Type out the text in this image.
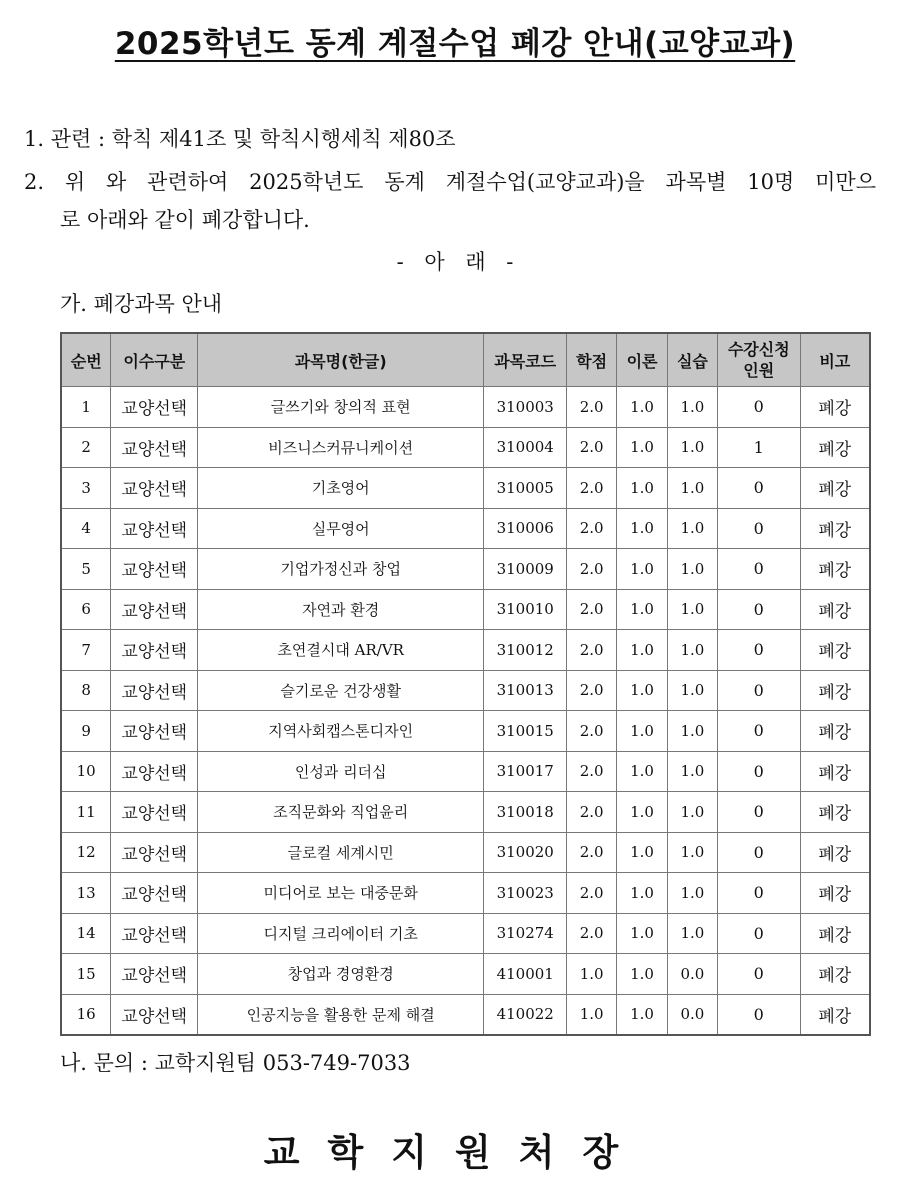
2025학년도 동계 계절수업 폐강 안내(교양교과)
1. 관련 : 학칙 제41조 및 학칙시행세칙 제80조
2. 위 와 관련하여 2025학년도 동계 계절수업(교양교과)을 과목별 10명 미만으
로 아래와 같이 폐강합니다.
- 아 래 -
가. 폐강과목 안내
순번	이수구분	과목명(한글)	과목코드	학점	이론	실습	수강신청
인원	비고
1	교양선택	글쓰기와 창의적 표현	310003	2.0	1.0	1.0	0	폐강
2	교양선택	비즈니스커뮤니케이션	310004	2.0	1.0	1.0	1	폐강
3	교양선택	기초영어	310005	2.0	1.0	1.0	0	폐강
4	교양선택	실무영어	310006	2.0	1.0	1.0	0	폐강
5	교양선택	기업가정신과 창업	310009	2.0	1.0	1.0	0	폐강
6	교양선택	자연과 환경	310010	2.0	1.0	1.0	0	폐강
7	교양선택	초연결시대 AR/VR	310012	2.0	1.0	1.0	0	폐강
8	교양선택	슬기로운 건강생활	310013	2.0	1.0	1.0	0	폐강
9	교양선택	지역사회캡스톤디자인	310015	2.0	1.0	1.0	0	폐강
10	교양선택	인성과 리더십	310017	2.0	1.0	1.0	0	폐강
11	교양선택	조직문화와 직업윤리	310018	2.0	1.0	1.0	0	폐강
12	교양선택	글로컬 세계시민	310020	2.0	1.0	1.0	0	폐강
13	교양선택	미디어로 보는 대중문화	310023	2.0	1.0	1.0	0	폐강
14	교양선택	디지털 크리에이터 기초	310274	2.0	1.0	1.0	0	폐강
15	교양선택	창업과 경영환경	410001	1.0	1.0	0.0	0	폐강
16	교양선택	인공지능을 활용한 문제 해결	410022	1.0	1.0	0.0	0	폐강
나. 문의 : 교학지원팀 053-749-7033
교학지원처장
